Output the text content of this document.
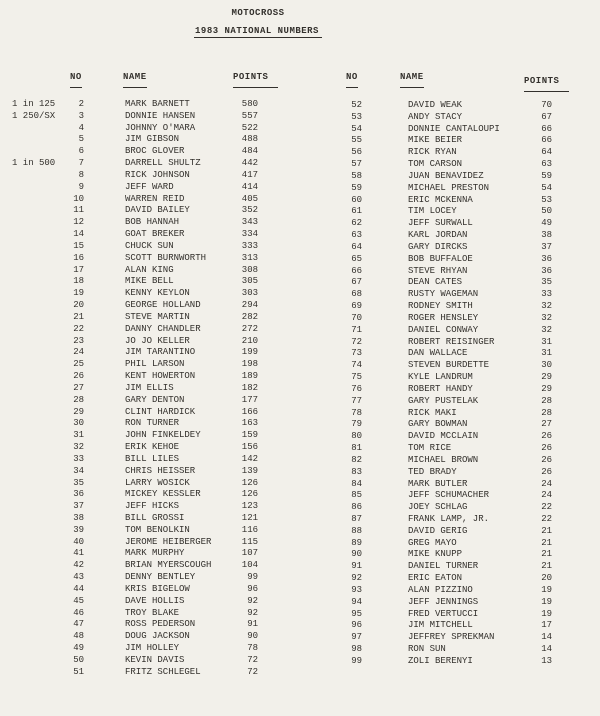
MOTOCROSS
1983 NATIONAL NUMBERS
NO	NAME	POINTS	NO	NAME	POINTS
1 in 125	2	MARK BARNETT	580
1 250/SX	3	DONNIE HANSEN	557
4	JOHNNY O'MARA	522
5	JIM GIBSON	488
6	BROC GLOVER	484
1 in 500	7	DARRELL SHULTZ	442
8	RICK JOHNSON	417
9	JEFF WARD	414
10	WARREN REID	405
11	DAVID BAILEY	352
12	BOB HANNAH	343
14	GOAT BREKER	334
15	CHUCK SUN	333
16	SCOTT BURNWORTH	313
17	ALAN KING	308
18	MIKE BELL	305
19	KENNY KEYLON	303
20	GEORGE HOLLAND	294
21	STEVE MARTIN	282
22	DANNY CHANDLER	272
23	JO JO KELLER	210
24	JIM TARANTINO	199
25	PHIL LARSON	198
26	KENT HOWERTON	189
27	JIM ELLIS	182
28	GARY DENTON	177
29	CLINT HARDICK	166
30	RON TURNER	163
31	JOHN FINKELDEY	159
32	ERIK KEHOE	156
33	BILL LILES	142
34	CHRIS HEISSER	139
35	LARRY WOSICK	126
36	MICKEY KESSLER	126
37	JEFF HICKS	123
38	BILL GROSSI	121
39	TOM BENOLKIN	116
40	JEROME HEIBERGER	115
41	MARK MURPHY	107
42	BRIAN MYERSCOUGH	104
43	DENNY BENTLEY	99
44	KRIS BIGELOW	96
45	DAVE HOLLIS	92
46	TROY BLAKE	92
47	ROSS PEDERSON	91
48	DOUG JACKSON	90
49	JIM HOLLEY	78
50	KEVIN DAVIS	72
51	FRITZ SCHLEGEL	72
52	DAVID WEAK	70
53	ANDY STACY	67
54	DONNIE CANTALOUPI	66
55	MIKE BEIER	66
56	RICK RYAN	64
57	TOM CARSON	63
58	JUAN BENAVIDEZ	59
59	MICHAEL PRESTON	54
60	ERIC MCKENNA	53
61	TIM LOCEY	50
62	JEFF SURWALL	49
63	KARL JORDAN	38
64	GARY DIRCKS	37
65	BOB BUFFALOE	36
66	STEVE RHYAN	36
67	DEAN CATES	35
68	RUSTY WAGEMAN	33
69	RODNEY SMITH	32
70	ROGER HENSLEY	32
71	DANIEL CONWAY	32
72	ROBERT REISINGER	31
73	DAN WALLACE	31
74	STEVEN BURDETTE	30
75	KYLE LANDRUM	29
76	ROBERT HANDY	29
77	GARY PUSTELAK	28
78	RICK MAKI	28
79	GARY BOWMAN	27
80	DAVID MCCLAIN	26
81	TOM RICE	26
82	MICHAEL BROWN	26
83	TED BRADY	26
84	MARK BUTLER	24
85	JEFF SCHUMACHER	24
86	JOEY SCHLAG	22
87	FRANK LAMP, JR.	22
88	DAVID GERIG	21
89	GREG MAYO	21
90	MIKE KNUPP	21
91	DANIEL TURNER	21
92	ERIC EATON	20
93	ALAN PIZZINO	19
94	JEFF JENNINGS	19
95	FRED VERTUCCI	19
96	JIM MITCHELL	17
97	JEFFREY SPREKMAN	14
98	RON SUN	14
99	ZOLI BERENYI	13
